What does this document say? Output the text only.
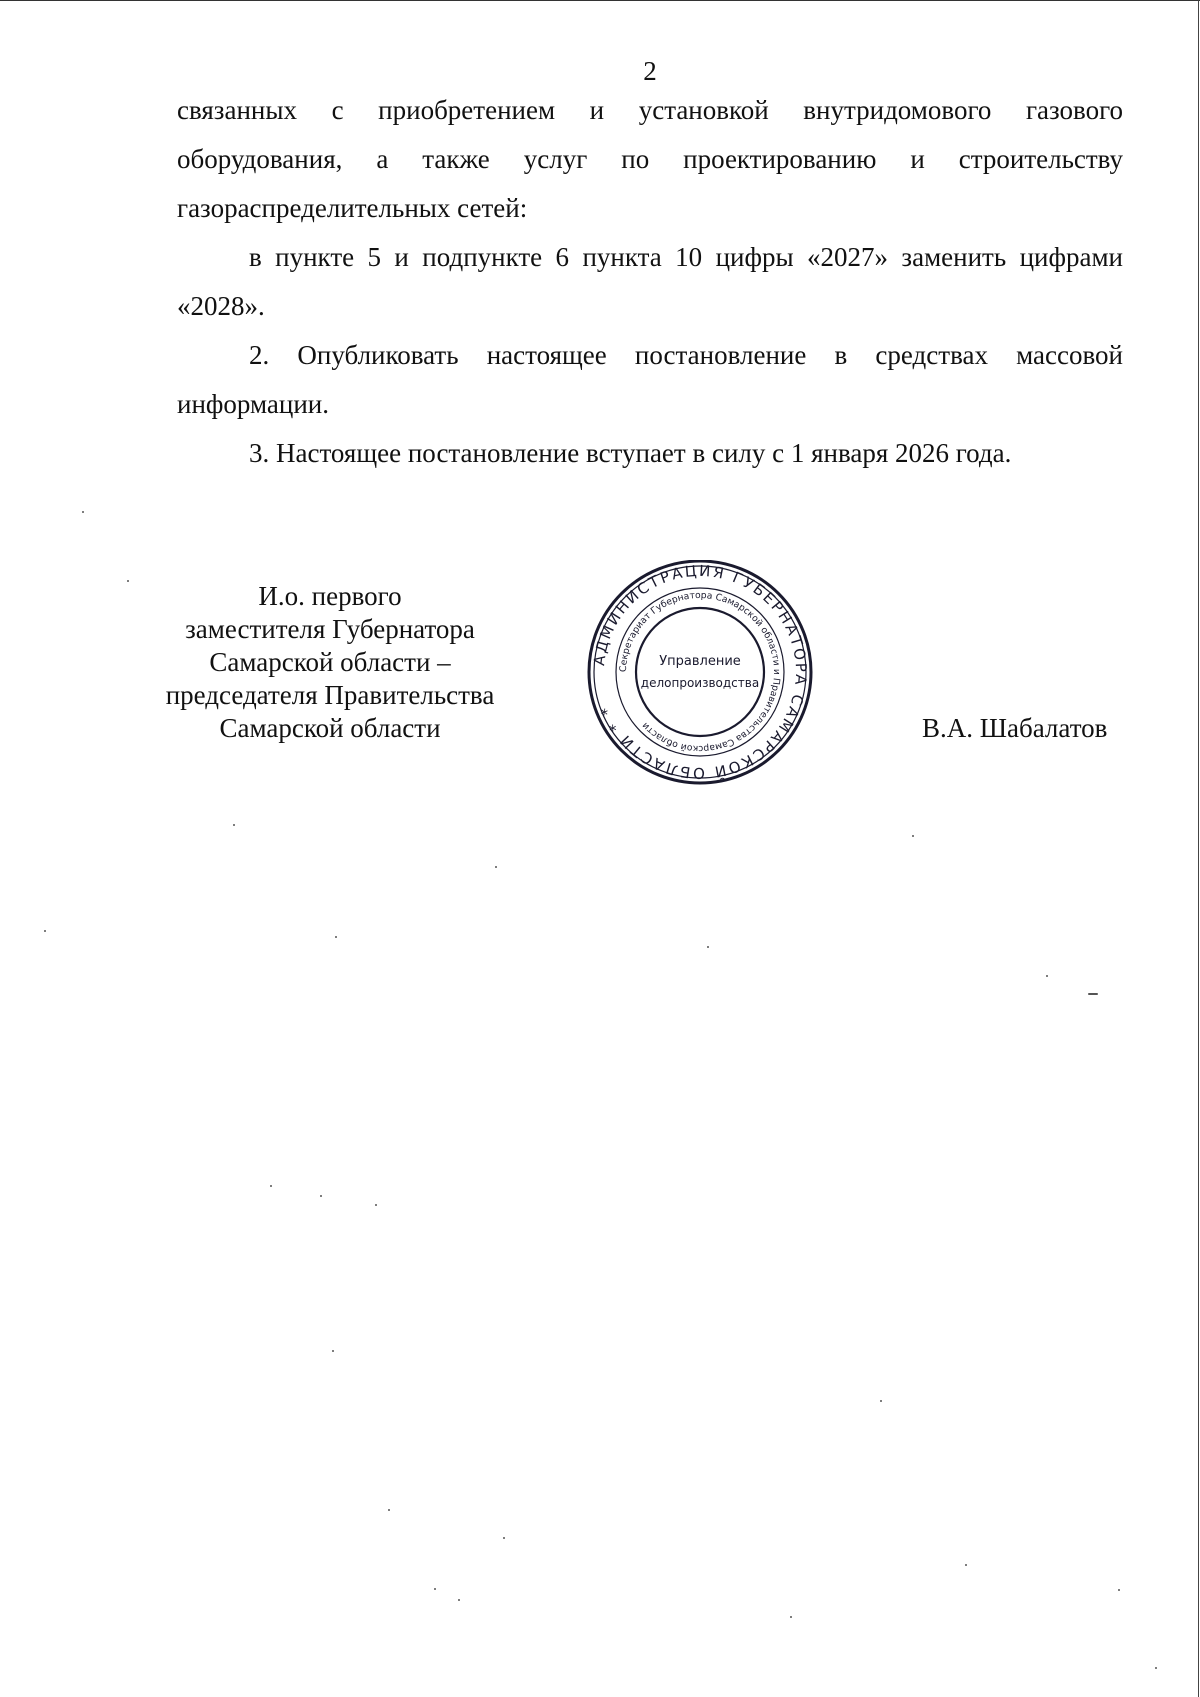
2

связанных с приобретением и установкой внутридомового газового

оборудования, а также услуг по проектированию и строительству

газораспределительных сетей:

в пункте 5 и подпункте 6 пункта 10 цифры «2027» заменить цифрами

«2028».

2. Опубликовать настоящее постановление в средствах массовой

информации.

3. Настоящее постановление вступает в силу с 1 января 2026 года.

И.о. первого
заместителя Губернатора
Самарской области –
председателя Правительства
Самарской области
АДМИНИСТРАЦИЯ ГУБЕРНАТОРА САМАРСКОЙ ОБЛАСТИ * *
Секретариат Губернатора Самарской области и Правительства Самарской области
Управление
делопроизводства
В.А. Шабалатов
